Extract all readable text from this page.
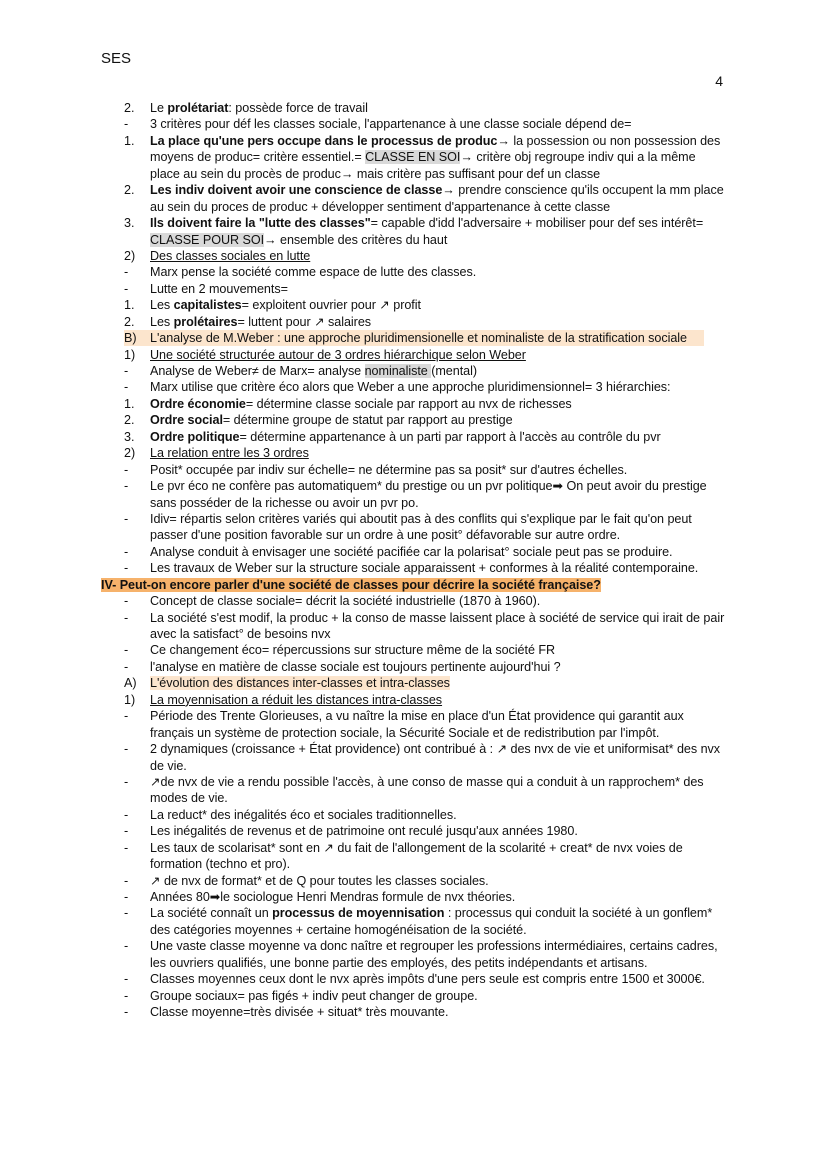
SES
4
2.	Le prolétariat: possède force de travail
-	3 critères pour déf les classes sociale, l'appartenance à une classe sociale dépend de=
1.	La place qu'une pers occupe dans le processus de produc→ la possession ou non possession des
moyens de produc= critère essentiel.= CLASSE EN SOI→ critère obj regroupe indiv qui a la même
place au sein du procès de produc→ mais critère pas suffisant pour def un classe
2.	Les indiv doivent avoir une conscience de classe→ prendre conscience qu'ils occupent la mm place
au sein du proces de produc + développer sentiment d'appartenance à cette classe
3.	Ils doivent faire la "lutte des classes"= capable d'idd l'adversaire + mobiliser pour def ses intérêt=
CLASSE POUR SOI→ ensemble des critères du haut
2)	Des classes sociales en lutte
-	Marx pense la société comme espace de lutte des classes.
-	Lutte en 2 mouvements=
1.	Les capitalistes= exploitent ouvrier pour ↗ profit
2.	Les prolétaires= luttent pour ↗ salaires
B)	L'analyse de M.Weber : une approche pluridimensionelle et nominaliste de la stratification sociale
1)	Une société structurée autour de 3 ordres hiérarchique selon Weber
-	Analyse de Weber≠ de Marx= analyse nominaliste (mental)
-	Marx utilise que critère éco alors que Weber a une approche pluridimensionnel= 3 hiérarchies:
1.	Ordre économie= détermine classe sociale par rapport au nvx de richesses
2.	Ordre social= détermine groupe de statut par rapport au prestige
3.	Ordre politique= détermine appartenance à un parti par rapport à l'accès au contrôle du pvr
2)	La relation entre les 3 ordres
-	Posit* occupée par indiv sur échelle= ne détermine pas sa posit* sur d'autres échelles.
-	Le pvr éco ne confère pas automatiquem* du prestige ou un pvr politique➡ On peut avoir du prestige
sans posséder de la richesse ou avoir un pvr po.
-	Idiv= répartis selon critères variés qui aboutit pas à des conflits qui s'explique par le fait qu'on peut
passer d'une position favorable sur un ordre à une posit° défavorable sur autre ordre.
-	Analyse conduit à envisager une société pacifiée car la polarisat° sociale peut pas se produire.
-	Les travaux de Weber sur la structure sociale apparaissent + conformes à la réalité contemporaine.
IV- Peut-on encore parler d'une société de classes pour décrire la société française?
-	Concept de classe sociale= décrit la société industrielle (1870 à 1960).
-	La société s'est modif, la produc + la conso de masse laissent place à société de service qui irait de pair
avec la satisfact° de besoins nvx
-	Ce changement éco= répercussions sur structure même de la société FR
-	l'analyse en matière de classe sociale est toujours pertinente aujourd'hui ?
A)	L'évolution des distances inter-classes et intra-classes
1)	La moyennisation a réduit les distances intra-classes
-	Période des Trente Glorieuses, a vu naître la mise en place d'un État providence qui garantit aux
français un système de protection sociale, la Sécurité Sociale et de redistribution par l'impôt.
-	2 dynamiques (croissance + État providence) ont contribué à : ↗ des nvx de vie et uniformisat* des nvx
de vie.
-	↗de nvx de vie a rendu possible l'accès, à une conso de masse qui a conduit à un rapprochem* des
modes de vie.
-	La reduct* des inégalités éco et sociales traditionnelles.
-	Les inégalités de revenus et de patrimoine ont reculé jusqu'aux années 1980.
-	Les taux de scolarisat* sont en ↗ du fait de l'allongement de la scolarité + creat* de nvx voies de
formation (techno et pro).
-	↗ de nvx de format* et de Q pour toutes les classes sociales.
-	Années 80➡le sociologue Henri Mendras formule de nvx théories.
-	La société connaît un processus de moyennisation : processus qui conduit la société à un gonflem*
des catégories moyennes + certaine homogénéisation de la société.
-	Une vaste classe moyenne va donc naître et regrouper les professions intermédiaires, certains cadres,
les ouvriers qualifiés, une bonne partie des employés, des petits indépendants et artisans.
-	Classes moyennes ceux dont le nvx après impôts d'une pers seule est compris entre 1500 et 3000€.
-	Groupe sociaux= pas figés + indiv peut changer de groupe.
-	Classe moyenne=très divisée + situat* très mouvante.
